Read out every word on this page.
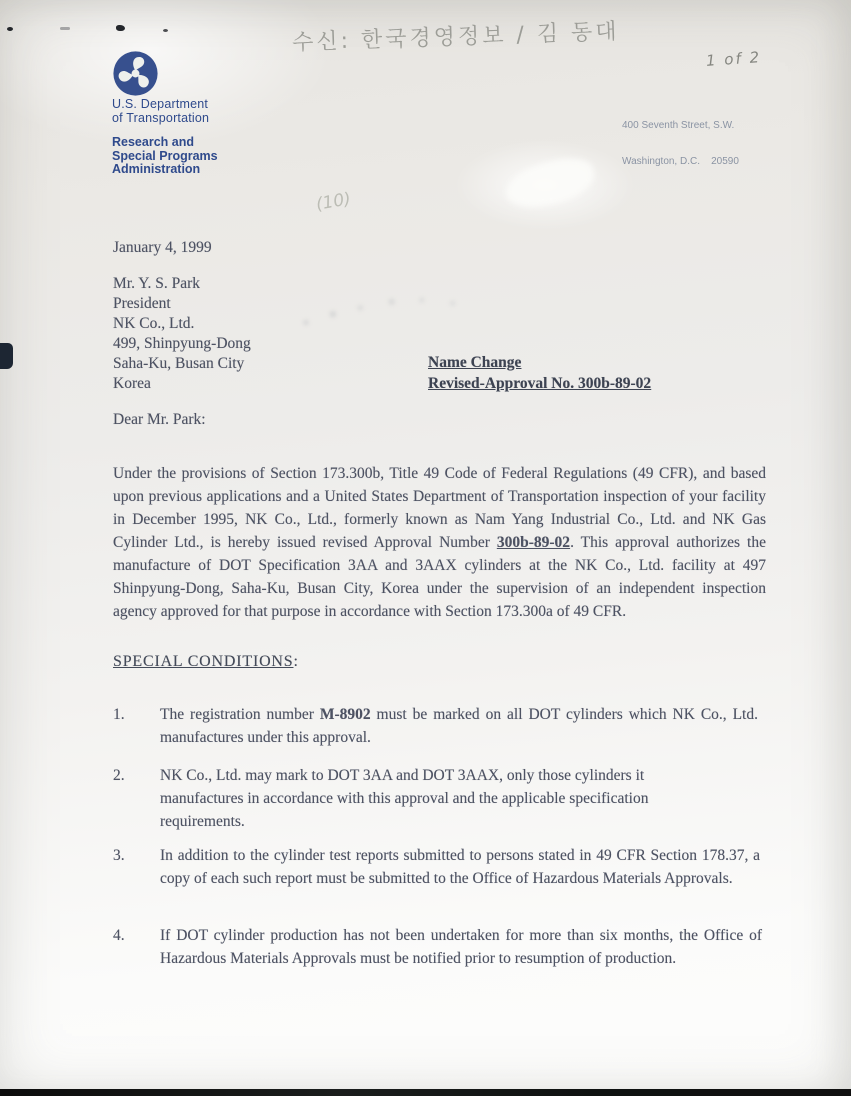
수신: 한국경영정보 / 김 동대
1 of 2
(10)
U.S. Department
of Transportation
Research and
Special Programs
Administration

400 Seventh Street, S.W.

Washington, D.C.    20590

January 4, 1999
Mr. Y. S. Park
President
NK Co., Ltd.
499, Shinpyung-Dong
Saha-Ku, Busan City
Korea
Name Change
Revised-Approval No. 300b-89-02
Dear Mr. Park:

Under the provisions of Section 173.300b, Title 49 Code of Federal Regulations (49 CFR), and based upon previous applications and a United States Department of Transportation inspection of your facility in December 1995, NK Co., Ltd., formerly known as Nam Yang Industrial Co., Ltd. and NK Gas Cylinder Ltd., is hereby issued revised Approval Number 300b-89-02. This approval authorizes the manufacture of DOT Specification 3AA and 3AAX cylinders at the NK Co., Ltd. facility at 497 Shinpyung-Dong, Saha-Ku, Busan City, Korea under the supervision of an independent inspection agency approved for that purpose in accordance with Section 173.300a of 49 CFR.

SPECIAL CONDITIONS:
1. The registration number M-8902 must be marked on all DOT cylinders which NK Co., Ltd. manufactures under this approval.
2. NK Co., Ltd. may mark to DOT 3AA and DOT 3AAX, only those cylinders it manufactures in accordance with this approval and the applicable specification requirements.
3. In addition to the cylinder test reports submitted to persons stated in 49 CFR Section 178.37, a copy of each such report must be submitted to the Office of Hazardous Materials Approvals.
4. If DOT cylinder production has not been undertaken for more than six months, the Office of Hazardous Materials Approvals must be notified prior to resumption of production.
